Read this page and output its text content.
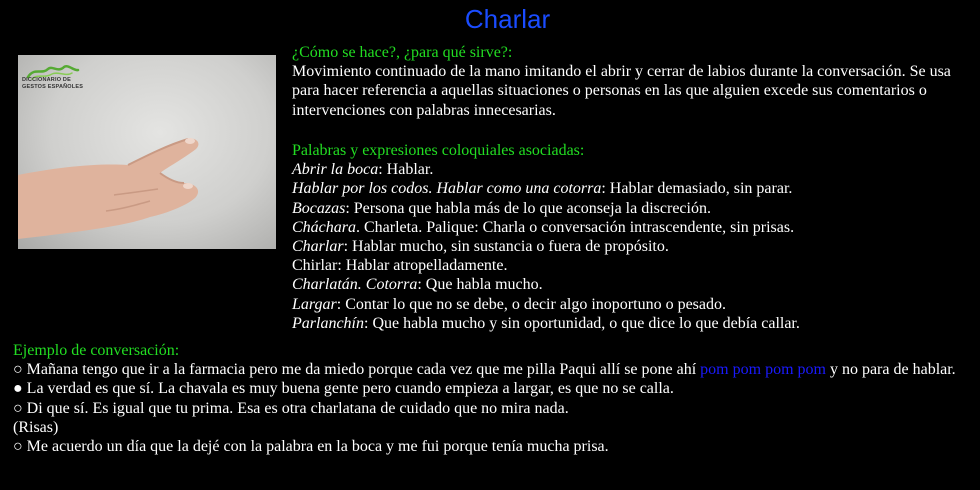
Charlar
DICCIONARIO DE
GESTOS ESPAÑOLES
¿Cómo se hace?, ¿para qué sirve?:
Movimiento continuado de la mano imitando el abrir y cerrar de labios durante la conversación. Se usa para hacer referencia a aquellas situaciones o personas en las que alguien excede sus comentarios o intervenciones con palabras innecesarias.
Palabras y expresiones coloquiales asociadas:
Abrir la boca: Hablar.
Hablar por los codos. Hablar como una cotorra: Hablar demasiado, sin parar.
Bocazas: Persona que habla más de lo que aconseja la discreción.
Cháchara. Charleta. Palique: Charla o conversación intrascendente, sin prisas.
Charlar: Hablar mucho, sin sustancia o fuera de propósito.
Chirlar: Hablar atropelladamente.
Charlatán. Cotorra: Que habla mucho.
Largar: Contar lo que no se debe, o decir algo inoportuno o pesado.
Parlanchín: Que habla mucho y sin oportunidad, o que dice lo que debía callar.
Ejemplo de conversación:
○ Mañana tengo que ir a la farmacia pero me da miedo porque cada vez que me pilla Paqui allí se pone ahí pom pom pom pom y no para de hablar.
● La verdad es que sí. La chavala es muy buena gente pero cuando empieza a largar, es que no se calla.
○ Di que sí. Es igual que tu prima. Esa es otra charlatana de cuidado que no mira nada.
(Risas)
○ Me acuerdo un día que la dejé con la palabra en la boca y me fui porque tenía mucha prisa.
